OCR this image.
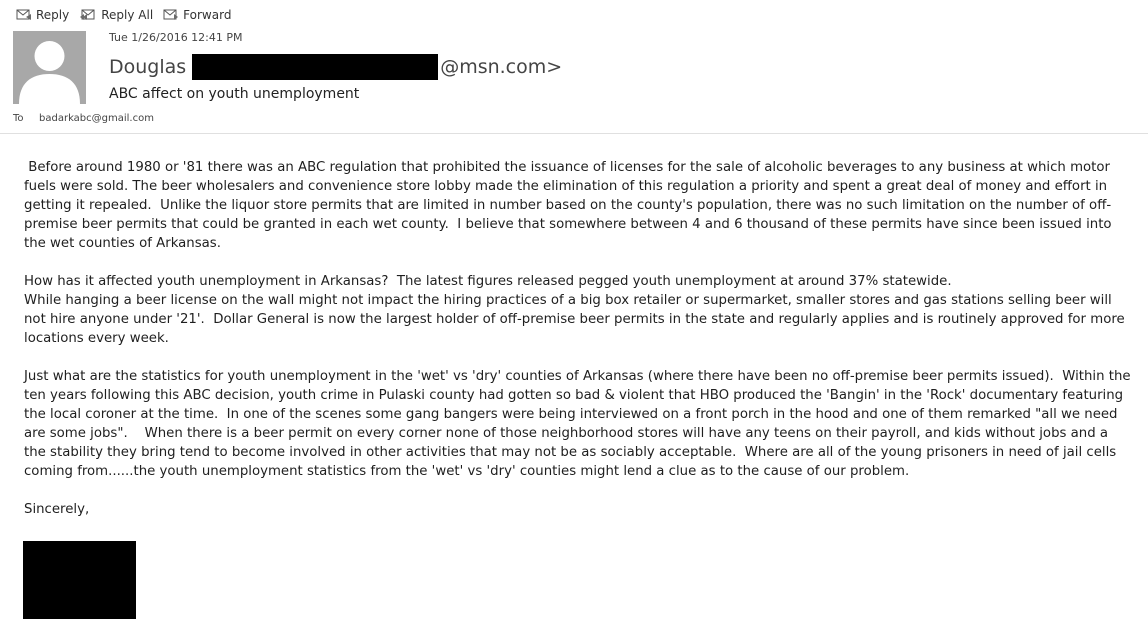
Reply	Reply All	Forward
Tue 1/26/2016 12:41 PM
Douglas	@msn.com>
ABC affect on youth unemployment
To	badarkabc@gmail.com

Before around 1980 or '81 there was an ABC regulation that prohibited the issuance of licenses for the sale of alcoholic beverages to any business at which motor fuels were sold. The beer wholesalers and convenience store lobby made the elimination of this regulation a priority and spent a great deal of money and effort in getting it repealed.  Unlike the liquor store permits that are limited in number based on the county's population, there was no such limitation on the number of off-premise beer permits that could be granted in each wet county.  I believe that somewhere between 4 and 6 thousand of these permits have since been issued into the wet counties of Arkansas.

How has it affected youth unemployment in Arkansas?  The latest figures released pegged youth unemployment at around 37% statewide.
While hanging a beer license on the wall might not impact the hiring practices of a big box retailer or supermarket, smaller stores and gas stations selling beer will not hire anyone under '21'.  Dollar General is now the largest holder of off-premise beer permits in the state and regularly applies and is routinely approved for more locations every week.

Just what are the statistics for youth unemployment in the 'wet' vs 'dry' counties of Arkansas (where there have been no off-premise beer permits issued).  Within the ten years following this ABC decision, youth crime in Pulaski county had gotten so bad & violent that HBO produced the 'Bangin' in the 'Rock' documentary featuring the local coroner at the time.  In one of the scenes some gang bangers were being interviewed on a front porch in the hood and one of them remarked "all we need are some jobs".    When there is a beer permit on every corner none of those neighborhood stores will have any teens on their payroll, and kids without jobs and a the stability they bring tend to become involved in other activities that may not be as sociably acceptable.  Where are all of the young prisoners in need of jail cells coming from......the youth unemployment statistics from the 'wet' vs 'dry' counties might lend a clue as to the cause of our problem.

Sincerely,
